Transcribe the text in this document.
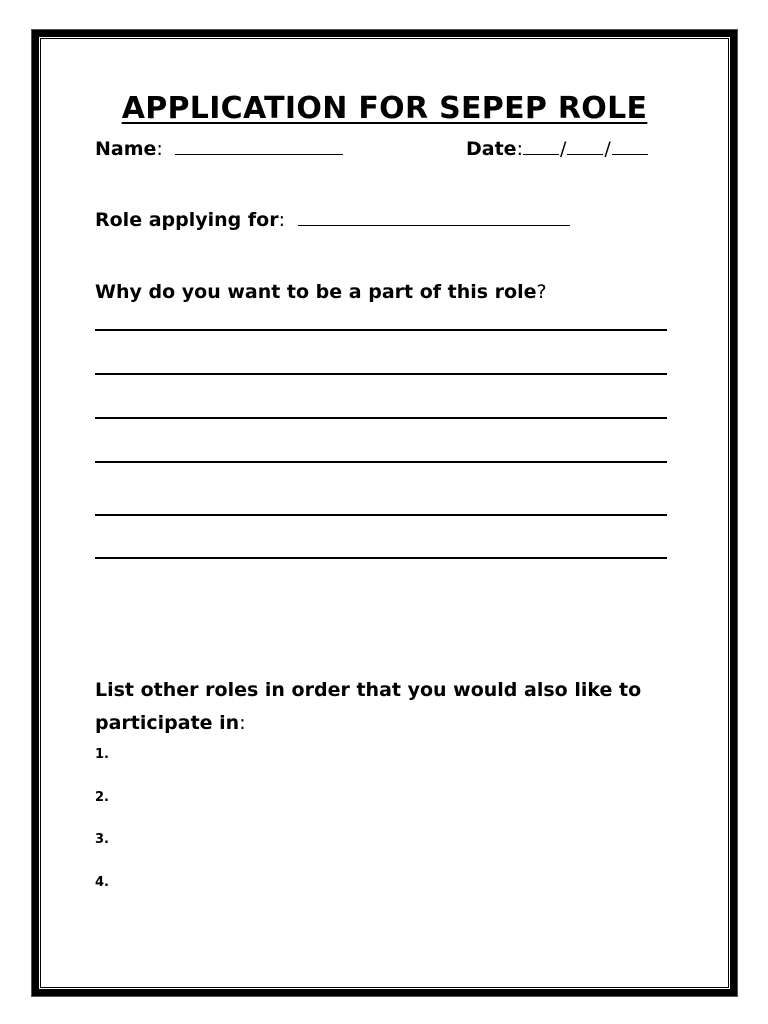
APPLICATION FOR SEPEP ROLE
Name:	Date: / /
Role applying for:
Why do you want to be a part of this role?
List other roles in order that you would also like to participate in:
1.
2.
3.
4.
